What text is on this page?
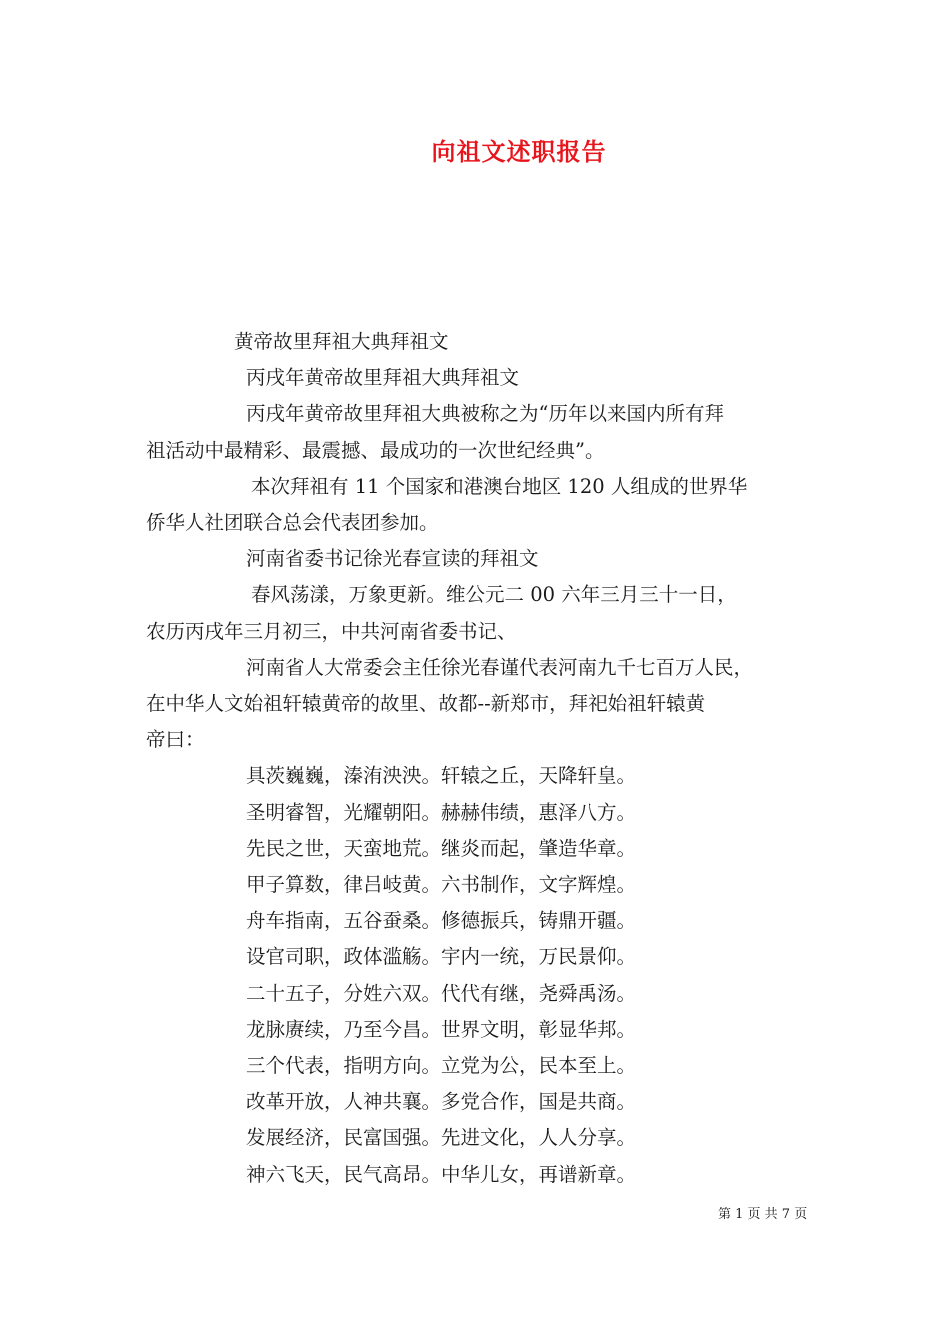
向祖文述职报告

黄帝故里拜祖大典拜祖文

丙戌年黄帝故里拜祖大典拜祖文

丙戌年黄帝故里拜祖大典被称之为“历年以来国内所有拜
祖活动中最精彩、最震撼、最成功的一次世纪经典”。

本次拜祖有 11 个国家和港澳台地区 120 人组成的世界华
侨华人社团联合总会代表团参加。

河南省委书记徐光春宣读的拜祖文

春风荡漾，万象更新。维公元二 00 六年三月三十一日，
农历丙戌年三月初三，中共河南省委书记、

河南省人大常委会主任徐光春谨代表河南九千七百万人民，
在中华人文始祖轩辕黄帝的故里、故都--新郑市，拜祀始祖轩辕黄
帝曰：

具茨巍巍，溱洧泱泱。轩辕之丘，天降轩皇。

圣明睿智，光耀朝阳。赫赫伟绩，惠泽八方。

先民之世，天蛮地荒。继炎而起，肇造华章。

甲子算数，律吕岐黄。六书制作，文字辉煌。

舟车指南，五谷蚕桑。修德振兵，铸鼎开疆。

设官司职，政体滥觞。宇内一统，万民景仰。

二十五子，分姓六双。代代有继，尧舜禹汤。

龙脉赓续，乃至今昌。世界文明，彰显华邦。

三个代表，指明方向。立党为公，民本至上。

改革开放，人神共襄。多党合作，国是共商。

发展经济，民富国强。先进文化，人人分享。

神六飞天，民气高昂。中华儿女，再谱新章。

第 1 页 共 7 页
